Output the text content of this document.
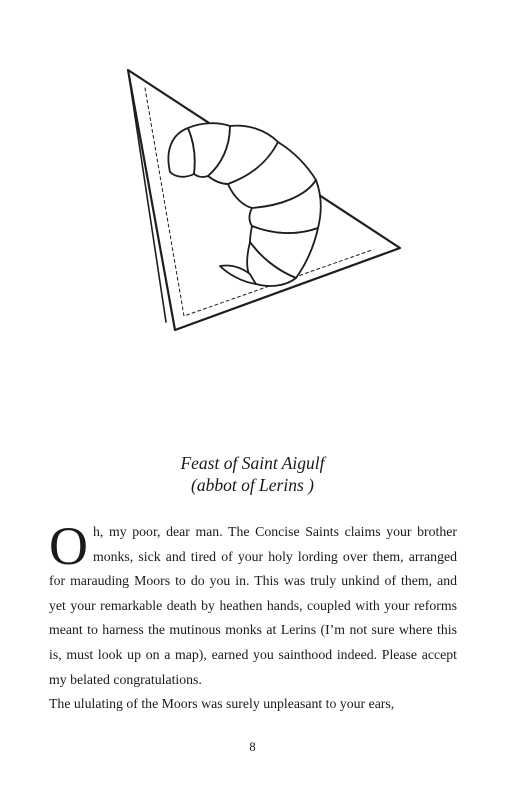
Feast of Saint Aigulf
(abbot of Lerins )

Oh, my poor, dear man. The Concise Saints claims your brother monks, sick and tired of your holy lording over them, arranged for marauding Moors to do you in. This was truly unkind of them, and yet your remarkable death by heathen hands, coupled with your reforms meant to harness the mutinous monks at Lerins (I’m not sure where this is, must look up on a map), earned you sainthood indeed. Please accept my belated congratulations.

The ululating of the Moors was surely unpleasant to your ears,

8
